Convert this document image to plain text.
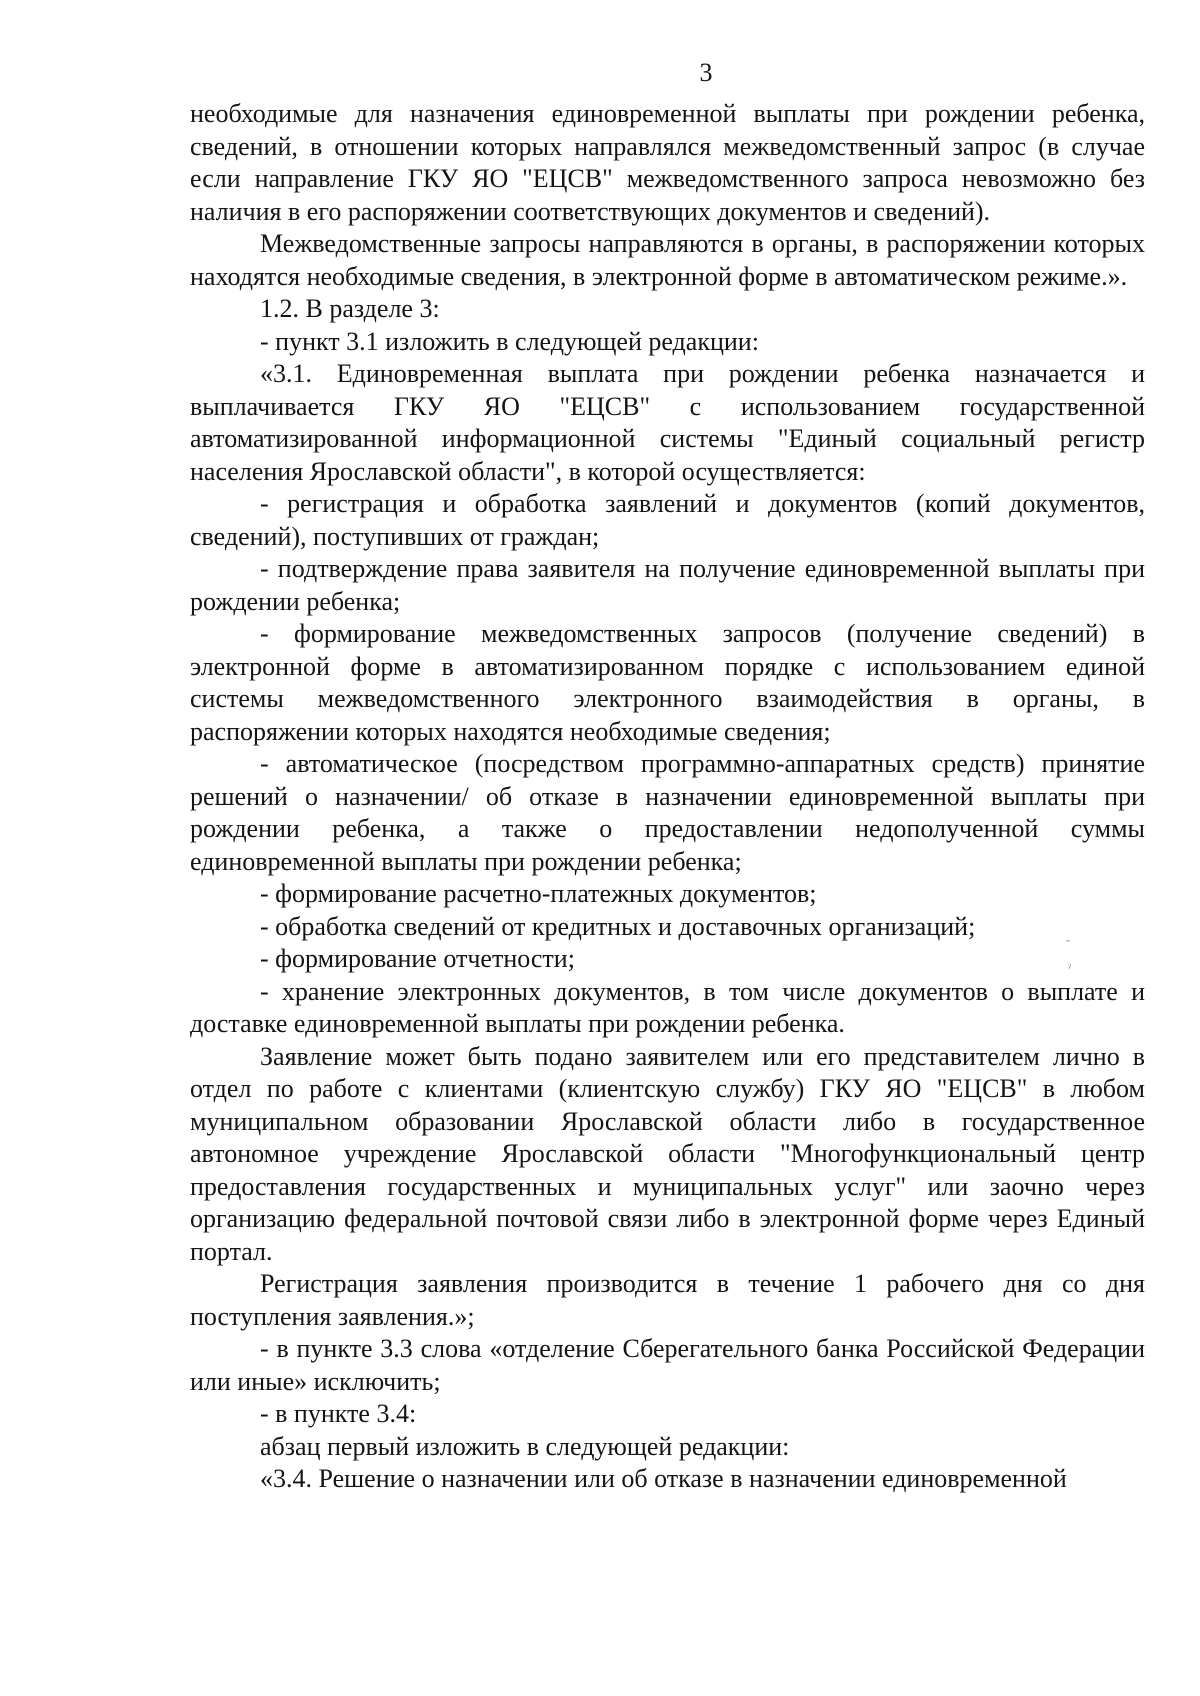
3

необходимые для назначения единовременной выплаты при рождении ребенка, сведений, в отношении которых направлялся межведомственный запрос (в случае если направление ГКУ ЯО "ЕЦСВ" межведомственного запроса невозможно без наличия в его распоряжении соответствующих документов и сведений).

Межведомственные запросы направляются в органы, в распоряжении которых находятся необходимые сведения, в электронной форме в автоматическом режиме.».

1.2. В разделе 3:

- пункт 3.1 изложить в следующей редакции:

«3.1. Единовременная выплата при рождении ребенка назначается и выплачивается ГКУ ЯО "ЕЦСВ" с использованием государственной автоматизированной информационной системы "Единый социальный регистр населения Ярославской области", в которой осуществляется:

- регистрация и обработка заявлений и документов (копий документов, сведений), поступивших от граждан;

- подтверждение права заявителя на получение единовременной выплаты при рождении ребенка;

- формирование межведомственных запросов (получение сведений) в электронной форме в автоматизированном порядке с использованием единой системы межведомственного электронного взаимодействия в органы, в распоряжении которых находятся необходимые сведения;

- автоматическое (посредством программно-аппаратных средств) принятие решений о назначении/ об отказе в назначении единовременной выплаты при рождении ребенка, а также о предоставлении недополученной суммы единовременной выплаты при рождении ребенка;

- формирование расчетно-платежных документов;

- обработка сведений от кредитных и доставочных организаций;

- формирование отчетности;

- хранение электронных документов, в том числе документов о выплате и доставке единовременной выплаты при рождении ребенка.

Заявление может быть подано заявителем или его представителем лично в отдел по работе с клиентами (клиентскую службу) ГКУ ЯО "ЕЦСВ" в любом муниципальном образовании Ярославской области либо в государственное автономное учреждение Ярославской области "Многофункциональный центр предоставления государственных и муниципальных услуг" или заочно через организацию федеральной почтовой связи либо в электронной форме через Единый портал.

Регистрация заявления производится в течение 1 рабочего дня со дня поступления заявления.»;

- в пункте 3.3 слова «отделение Сберегательного банка Российской Федерации или иные» исключить;

- в пункте 3.4:

абзац первый изложить в следующей редакции:

«3.4. Решение о назначении или об отказе в назначении единовременной

˜
ˀ
